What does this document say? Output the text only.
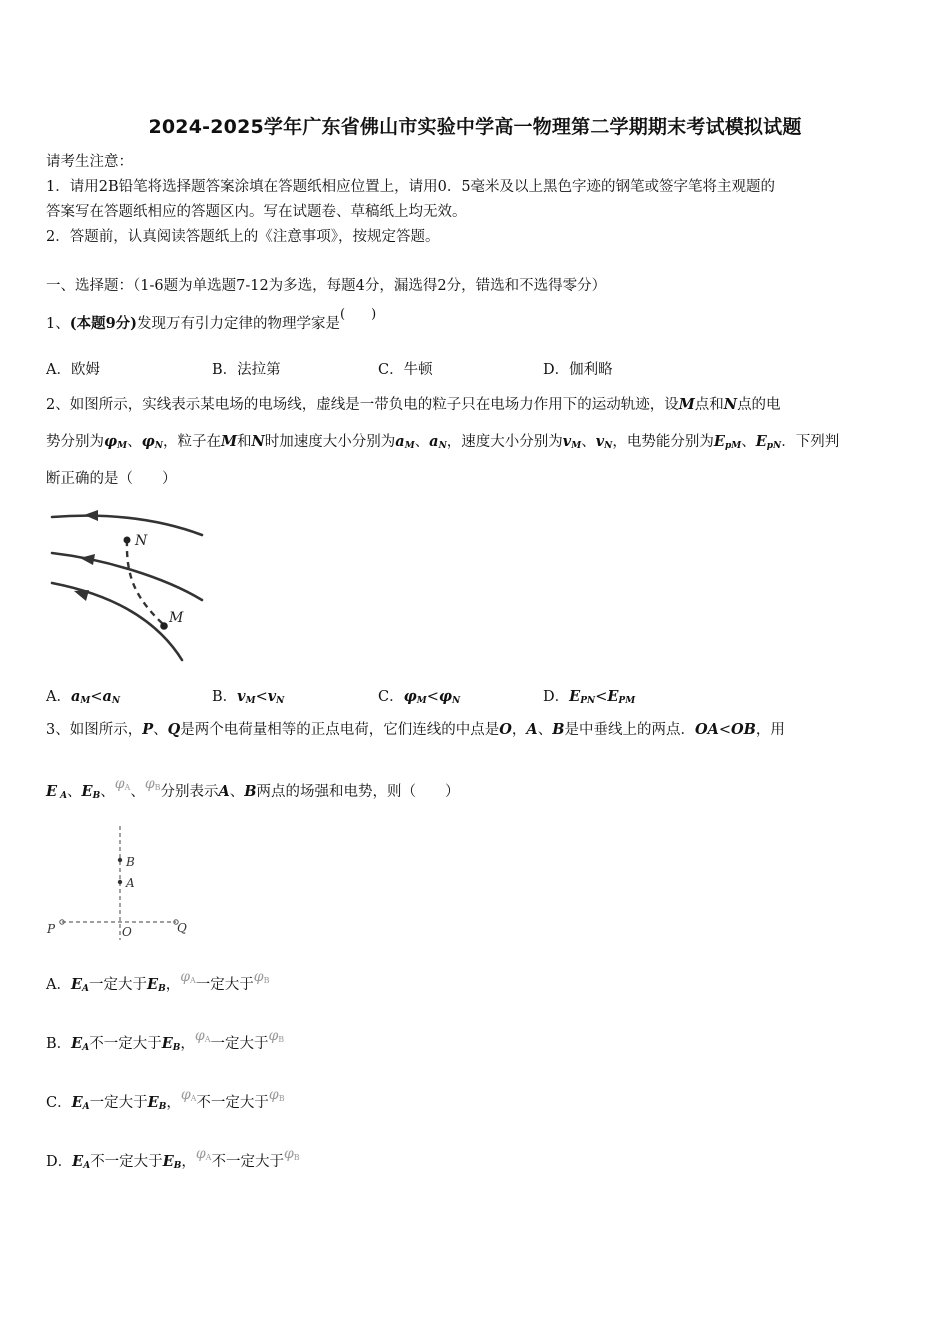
2024-2025学年广东省佛山市实验中学高一物理第二学期期末考试模拟试题
请考生注意：
1．请用2B铅笔将选择题答案涂填在答题纸相应位置上，请用0．5毫米及以上黑色字迹的钢笔或签字笔将主观题的
答案写在答题纸相应的答题区内。写在试题卷、草稿纸上均无效。
2．答题前，认真阅读答题纸上的《注意事项》，按规定答题。
一、选择题：（1-6题为单选题7-12为多选，每题4分，漏选得2分，错选和不选得零分）
1、(本题9分)发现万有引力定律的物理学家是(　　)
A．欧姆	B．法拉第	C．牛顿	D．伽利略
2、如图所示，实线表示某电场的电场线，虚线是一带负电的粒子只在电场力作用下的运动轨迹，设M点和N点的电
势分别为$\varphi_M$、$\varphi_N$，粒子在M和N时加速度大小分别为$a_M$、$a_N$，速度大小分别为$v_M$、$v_N$，电势能分别为$E_{pM}$、$E_{pN}$．下列判
断正确的是（　　）
N
M
A．$a_M<a_N$	B．$v_M<v_N$	C．$\varphi_M<\varphi_N$	D．$E_{PN}<E_{PM}$
3、如图所示，P、Q是两个电荷量相等的正点电荷，它们连线的中点是O，A、B是中垂线上的两点．OA<OB，用
E $_A$、$E_B$、$\varphi_A$、$\varphi_B$分别表示A、B两点的场强和电势，则（　　）
P	O	Q
A
B
A．$E_A$一定大于$E_B$，$\varphi_A$一定大于$\varphi_B$
B．$E_A$不一定大于$E_B$，$\varphi_A$一定大于$\varphi_B$
C．$E_A$一定大于$E_B$，$\varphi_A$不一定大于$\varphi_B$
D．$E_A$不一定大于$E_B$，$\varphi_A$不一定大于$\varphi_B$
